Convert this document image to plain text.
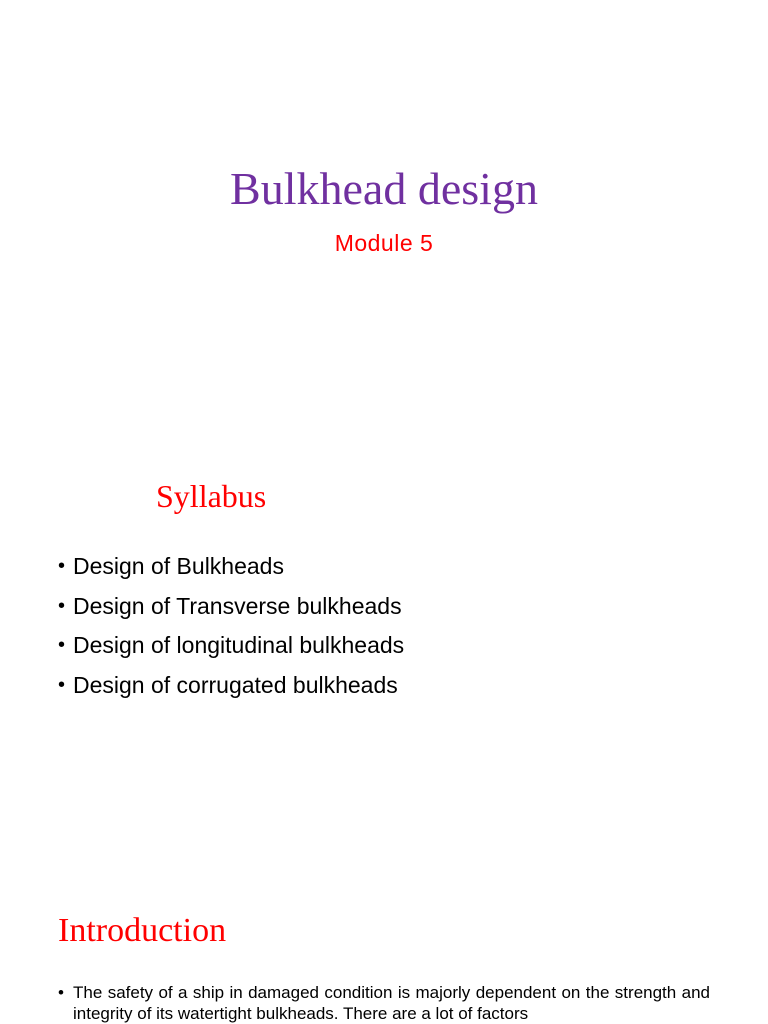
Bulkhead design
Module 5
Syllabus
• Design of Bulkheads
• Design of Transverse bulkheads
• Design of longitudinal bulkheads
• Design of corrugated bulkheads
Introduction
• The safety of a ship in damaged condition is majorly dependent on the strength and integrity of its watertight bulkheads. There are a lot of factors
